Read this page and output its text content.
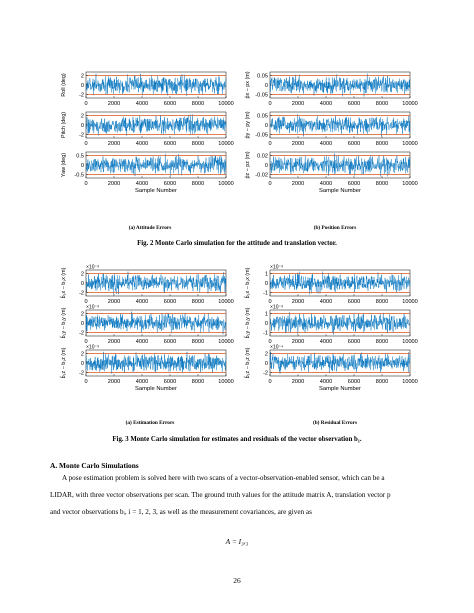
2
0
-2
Roll (deg)
0	2000	4000	6000	8000 10000
2
0
-2
Pitch (deg)
0	2000	4000	6000	8000 10000
0.5
0
-0.5
Yaw (deg)
0	2000	4000	6000	8000 10000
Sample Number
0.05
0
-0.05
p̂x − px (m)
0	2000	4000	6000	8000 10000
0.05
0
-0.05
p̂y − py (m)
0	2000	4000	6000	8000 10000
0.02
0
-0.02
p̂z − pz (m)
0	2000	4000	6000	8000 10000
Sample Number
(a) Attitude Errors	(b) Position Errors
Fig. 2 Monte Carlo simulation for the attitude and translation vector.
2
0
-2
×10⁻³
b̂₁x − b₁x (m)
0	2000	4000	6000	8000 10000
2
0
-2
×10⁻³
b̂₁y − b₁y (m)
0	2000	4000	6000	8000 10000
2
0
-2
×10⁻³
b̂₁z − b₁z (m)
0	2000	4000	6000	8000 10000
Sample Number
1
0
-1
×10⁻³
b̂₁x − b₁x (m)
0	2000	4000	6000	8000 10000
1
0
-1
×10⁻³
b̂₁y − b₁y (m)
0	2000	4000	6000	8000 10000
2
0
-2
×10⁻⁴
b̂₁z − b₁z (m)
0	2000	4000	6000	8000 10000
Sample Number
(a) Estimation Errors	(b) Residual Errors
Fig. 3 Monte Carlo simulation for estimates and residuals of the vector observation b₁.
A. Monte Carlo Simulations
A pose estimation problem is solved here with two scans of a vector-observation-enabled sensor, which can be a
LIDAR, with three vector observations per scan. The ground truth values for the attitude matrix A, translation vector p
and vector observations bᵢ, i = 1, 2, 3, as well as the measurement covariances, are given as
A = I₃ₓ₃
26
